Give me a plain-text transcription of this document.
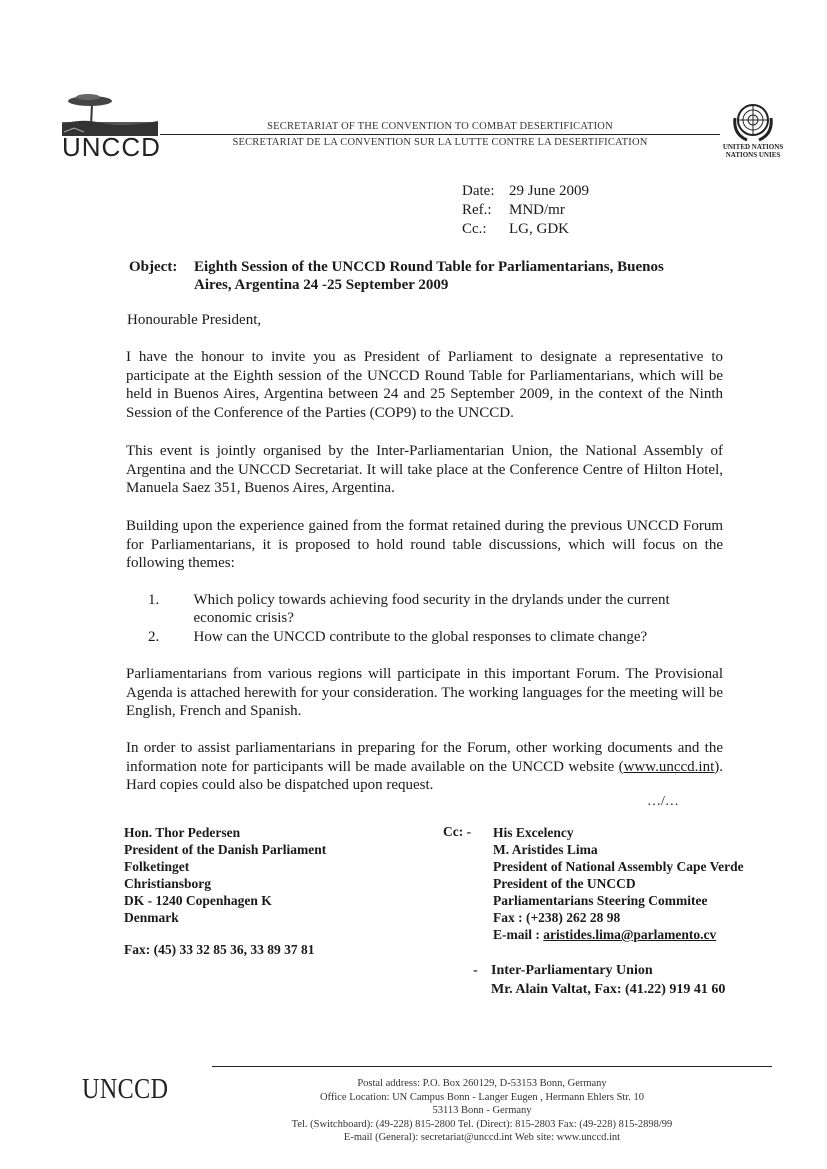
UNCCD
SECRETARIAT OF THE CONVENTION TO COMBAT DESERTIFICATION
SECRETARIAT DE LA CONVENTION SUR LA LUTTE CONTRE LA DESERTIFICATION	UNITED NATIONS
NATIONS UNIES
Date: 29 June 2009
Ref.:	MND/mr
Cc.:	LG, GDK
Object:	Eighth Session of the UNCCD Round Table for Parliamentarians, Buenos
Aires, Argentina 24 -25 September 2009
Honourable President,
I have the honour to invite you as President of Parliament to designate a representative to participate at the Eighth session of the UNCCD Round Table for Parliamentarians, which will be held in Buenos Aires, Argentina between 24 and 25 September 2009, in the context of the Ninth Session of the Conference of the Parties (COP9) to the UNCCD.
This event is jointly organised by the Inter-Parliamentarian Union, the National Assembly of Argentina and the UNCCD Secretariat. It will take place at the Conference Centre of Hilton Hotel, Manuela Saez 351, Buenos Aires, Argentina.
Building upon the experience gained from the format retained during the previous UNCCD Forum for Parliamentarians, it is proposed to hold round table discussions, which will focus on the following themes:
1.	Which policy towards achieving food security in the drylands under the current
economic crisis?
2.	How can the UNCCD contribute to the global responses to climate change?
Parliamentarians from various regions will participate in this important Forum. The Provisional Agenda is attached herewith for your consideration. The working languages for the meeting will be English, French and Spanish.
In order to assist parliamentarians in preparing for the Forum, other working documents and the information note for participants will be made available on the UNCCD website (www.unccd.int). Hard copies could also be dispatched upon request.
…/…
Hon. Thor Pedersen
President of the Danish Parliament
Folketinget
Christiansborg
DK - 1240 Copenhagen K
Denmark
Fax: (45) 33 32 85 36, 33 89 37 81
Cc: - His Excelency
M. Aristides Lima
President of National Assembly Cape Verde
President of the UNCCD
Parliamentarians Steering Commitee
Fax : (+238) 262 28 98
E-mail : aristides.lima@parlamento.cv
- Inter-Parliamentary Union
Mr. Alain Valtat, Fax: (41.22) 919 41 60
UNCCD	Postal address: P.O. Box 260129, D-53153 Bonn, Germany
Office Location: UN Campus Bonn - Langer Eugen , Hermann Ehlers Str. 10
53113 Bonn - Germany
Tel. (Switchboard): (49-228) 815-2800 Tel. (Direct): 815-2803 Fax: (49-228) 815-2898/99
E-mail (General): secretariat@unccd.int Web site: www.unccd.int
